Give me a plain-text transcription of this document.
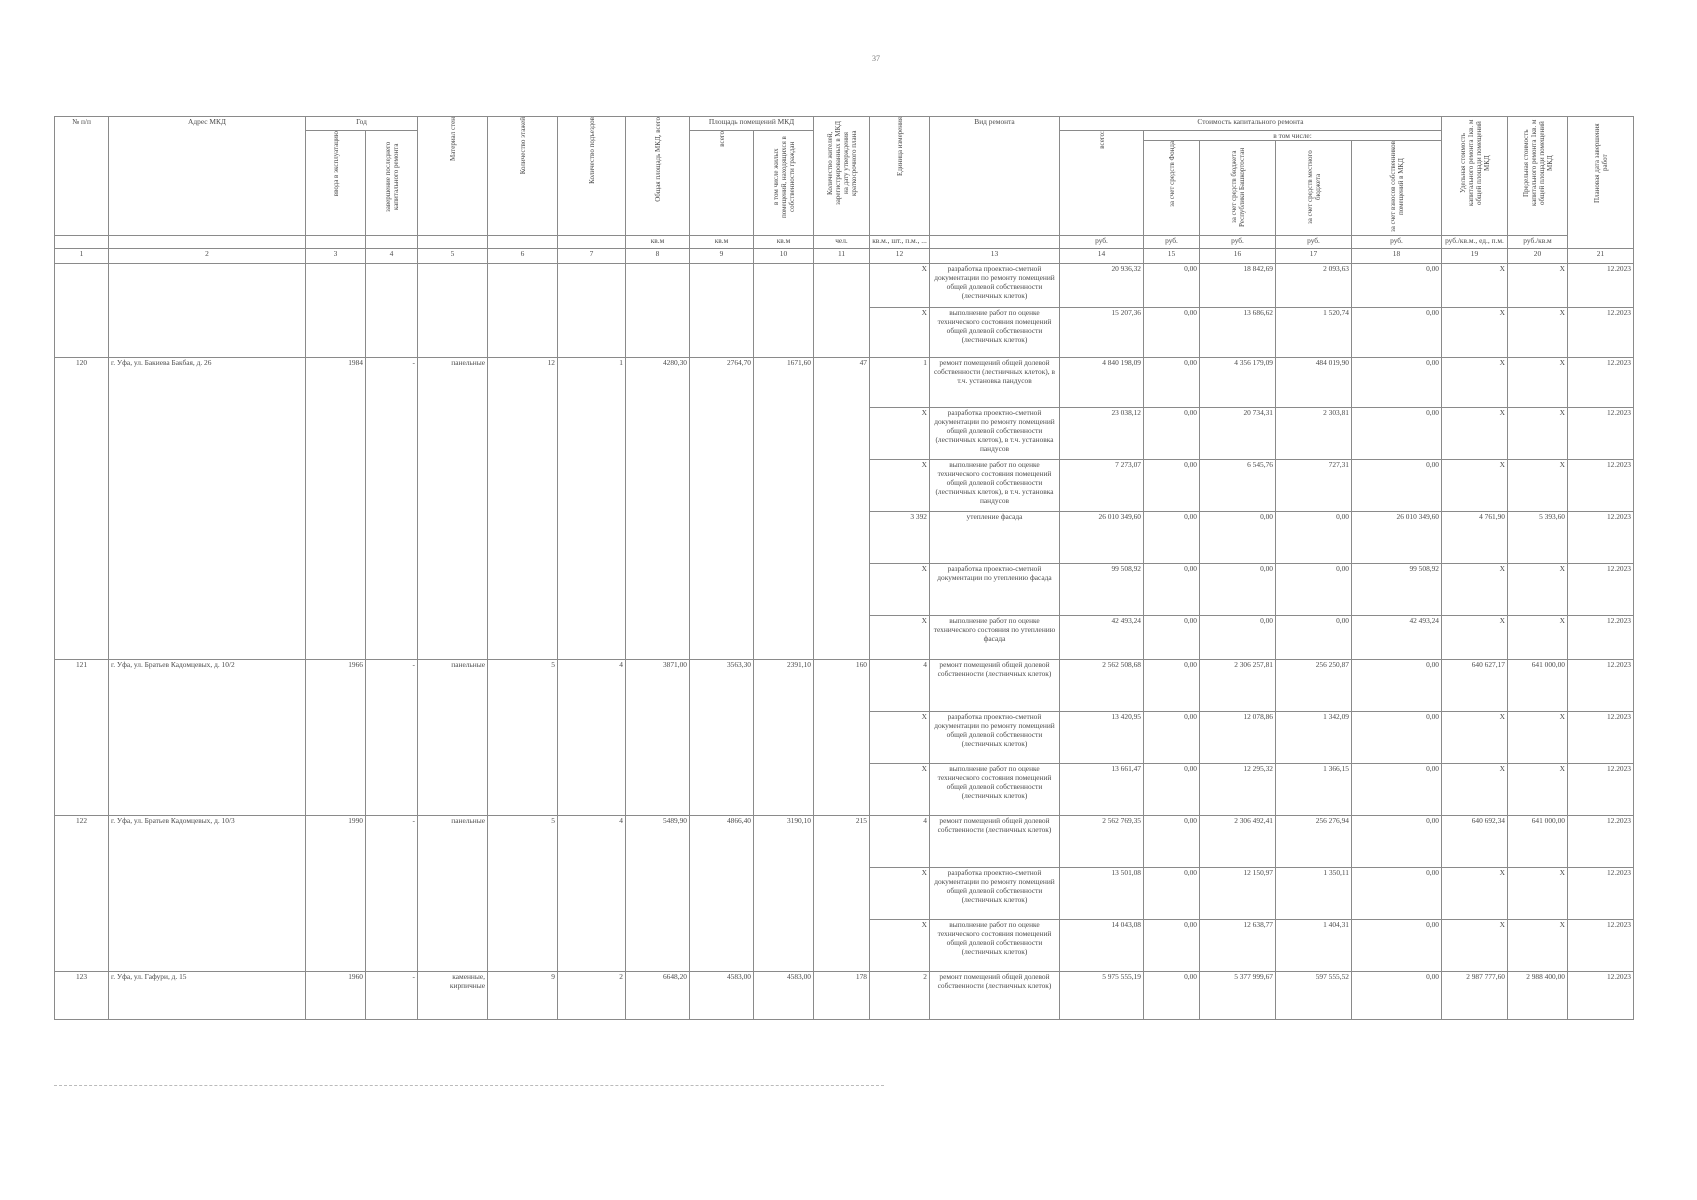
37
№ п/п	Адрес МКД	Год		Материал стен	Количество этажей	Количество подъездов	Общая площадь МКД, всего	Площадь помещений МКД		Количество жителей, зарегистрированных в МКД на дату утверждения краткосрочного плана	Единица измерения	Вид ремонта	Стоимость капитального ремонта					Удельная стоимость капитального ремонта 1кв. м общей площади помещений МКД	Предельная стоимость капитального ремонта 1кв. м общей площади помещений МКД	Плановая дата завершения работ
		ввода в эксплуатацию	завершение последнего капитального ремонта					всего	в том числе жилых помещений, находящихся в собственности граждан				всего:	в том числе:						
														за счет средств Фонда	за счет средств бюджета Республики Башкортостан	за счет средств местного бюджета	за счет взносов собственников помещений в МКД			
							кв.м	кв.м	кв.м	чел.	кв.м., шт., п.м., ...		руб.	руб.	руб.	руб.	руб.	руб./кв.м., ед., п.м.	руб./кв.м	
1	2	3	4	5	6	7	8	9	10	11	12	13	14	15	16	17	18	19	20	21
											X	разработка проектно-сметной документации по ремонту помещений общей долевой собственности (лестничных клеток)	20 936,32	0,00	18 842,69	2 093,63	0,00	X	X	12.2023
											X	выполнение работ по оценке технического состояния помещений общей долевой собственности (лестничных клеток)	15 207,36	0,00	13 686,62	1 520,74	0,00	X	X	12.2023
120	г. Уфа, ул. Бакиева Бакбая, д. 26	1984	-	панельные	12	1	4280,30	2764,70	1671,60	47	1	ремонт помещений общей долевой собственности (лестничных клеток), в т.ч. установка пандусов	4 840 198,09	0,00	4 356 179,09	484 019,90	0,00	X	X	12.2023
											X	разработка проектно-сметной документации по ремонту помещений общей долевой собственности (лестничных клеток), в т.ч. установка пандусов	23 038,12	0,00	20 734,31	2 303,81	0,00	X	X	12.2023
											X	выполнение работ по оценке технического состояния помещений общей долевой собственности (лестничных клеток), в т.ч. установка пандусов	7 273,07	0,00	6 545,76	727,31	0,00	X	X	12.2023
											3 392	утепление фасада	26 010 349,60	0,00	0,00	0,00	26 010 349,60	4 761,90	5 393,60	12.2023
											X	разработка проектно-сметной документации по утеплению фасада	99 508,92	0,00	0,00	0,00	99 508,92	X	X	12.2023
											X	выполнение работ по оценке технического состояния по утеплению фасада	42 493,24	0,00	0,00	0,00	42 493,24	X	X	12.2023
121	г. Уфа, ул. Братьев Кадомцевых, д. 10/2	1966	-	панельные	5	4	3871,00	3563,30	2391,10	160	4	ремонт помещений общей долевой собственности (лестничных клеток)	2 562 508,68	0,00	2 306 257,81	256 250,87	0,00	640 627,17	641 000,00	12.2023
											X	разработка проектно-сметной документации по ремонту помещений общей долевой собственности (лестничных клеток)	13 420,95	0,00	12 078,86	1 342,09	0,00	X	X	12.2023
											X	выполнение работ по оценке технического состояния помещений общей долевой собственности (лестничных клеток)	13 661,47	0,00	12 295,32	1 366,15	0,00	X	X	12.2023
122	г. Уфа, ул. Братьев Кадомцевых, д. 10/3	1990	-	панельные	5	4	5489,90	4866,40	3190,10	215	4	ремонт помещений общей долевой собственности (лестничных клеток)	2 562 769,35	0,00	2 306 492,41	256 276,94	0,00	640 692,34	641 000,00	12.2023
											X	разработка проектно-сметной документации по ремонту помещений общей долевой собственности (лестничных клеток)	13 501,08	0,00	12 150,97	1 350,11	0,00	X	X	12.2023
											X	выполнение работ по оценке технического состояния помещений общей долевой собственности (лестничных клеток)	14 043,08	0,00	12 638,77	1 404,31	0,00	X	X	12.2023
123	г. Уфа, ул. Гафури, д. 15	1960	-	каменные, кирпичные	9	2	6648,20	4583,00	4583,00	178	2	ремонт помещений общей долевой собственности (лестничных клеток)	5 975 555,19	0,00	5 377 999,67	597 555,52	0,00	2 987 777,60	2 988 400,00	12.2023
